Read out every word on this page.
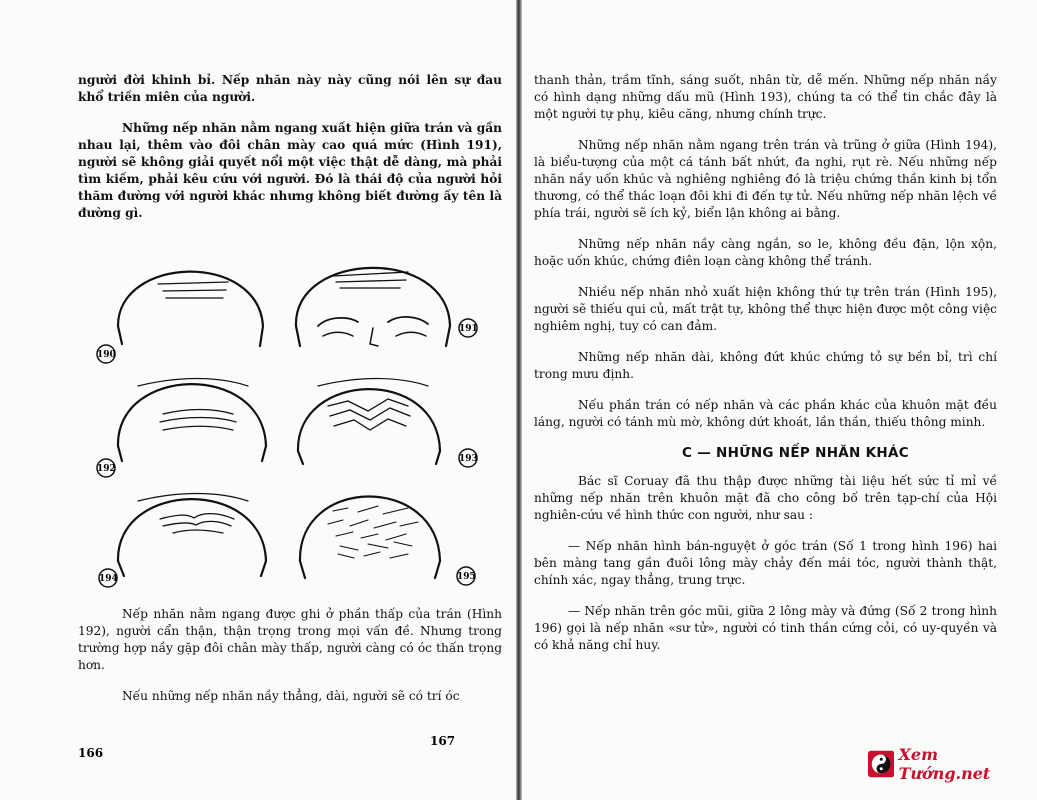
người đời khinh bỉ. Nếp nhăn này này cũng nói lên sự đau khổ triền miên của người.

Những nếp nhăn nằm ngang xuất hiện giữa trán và gần nhau lại, thêm vào đôi chân mày cao quá mức (Hình 191), người sẽ không giải quyết nổi một việc thật dễ dàng, mà phải tìm kiếm, phải kêu cứu với người. Đó là thái độ của người hỏi thăm đường với người khác nhưng không biết đường ấy tên là đường gì.

190
191
192
193
194	195

Nếp nhăn nằm ngang được ghi ở phần thấp của trán (Hình 192), người cẩn thận, thận trọng trong mọi vấn đề. Nhưng trong trường hợp nầy gặp đôi chân mày thấp, người càng có óc thấn trọng hơn.

Nếu những nếp nhăn nầy thẳng, dài, người sẽ có trí óc

166

thanh thản, trầm tĩnh, sáng suốt, nhân từ, dễ mến. Những nếp nhăn nầy có hình dạng những dấu mũ (Hình 193), chúng ta có thể tin chắc đây là một người tự phụ, kiêu căng, nhưng chính trực.

Những nếp nhăn nằm ngang trên trán và trũng ở giữa (Hình 194), là biểu-tượng của một cá tánh bất nhứt, đa nghi, rụt rè. Nếu những nếp nhăn nầy uốn khúc và nghiêng nghiêng đó là triệu chứng thần kinh bị tổn thương, có thể thác loạn đôi khi đi đến tự tử. Nếu những nếp nhăn lệch về phía trái, người sẽ ích kỷ, biển lận không ai bằng.

Những nếp nhăn nầy càng ngắn, so le, không đều đặn, lộn xộn, hoặc uốn khúc, chứng điên loạn càng không thể tránh.

Nhiều nếp nhăn nhỏ xuất hiện không thứ tự trên trán (Hình 195), người sẽ thiếu qui củ, mất trật tự, không thể thực hiện được một công việc nghiêm nghị, tuy có can đảm.

Những nếp nhăn dài, không đứt khúc chứng tỏ sự bền bỉ, trì chí trong mưu định.

Nếu phần trán có nếp nhăn và các phần khác của khuôn mặt đều láng, người có tánh mù mờ, không dứt khoát, lần thần, thiếu thông minh.

C — NHỮNG NẾP NHĂN KHÁC

Bác sĩ Coruay đã thu thập được những tài liệu hết sức tỉ mỉ về những nếp nhăn trên khuôn mặt đã cho công bố trên tạp-chí của Hội nghiên-cứu về hình thức con người, như sau :

— Nếp nhăn hình bán-nguyệt ở góc trán (Số 1 trong hình 196) hai bên màng tang gần đuôi lông mày chảy đến mái tóc, người thành thật, chính xác, ngay thẳng, trung trực.

— Nếp nhăn trên góc mũi, giữa 2 lông mày và đứng (Số 2 trong hình 196) gọi là nếp nhăn «sư tử», người có tinh thần cứng cỏi, có uy-quyền và có khả năng chỉ huy.

167
Xem Tướng.net
